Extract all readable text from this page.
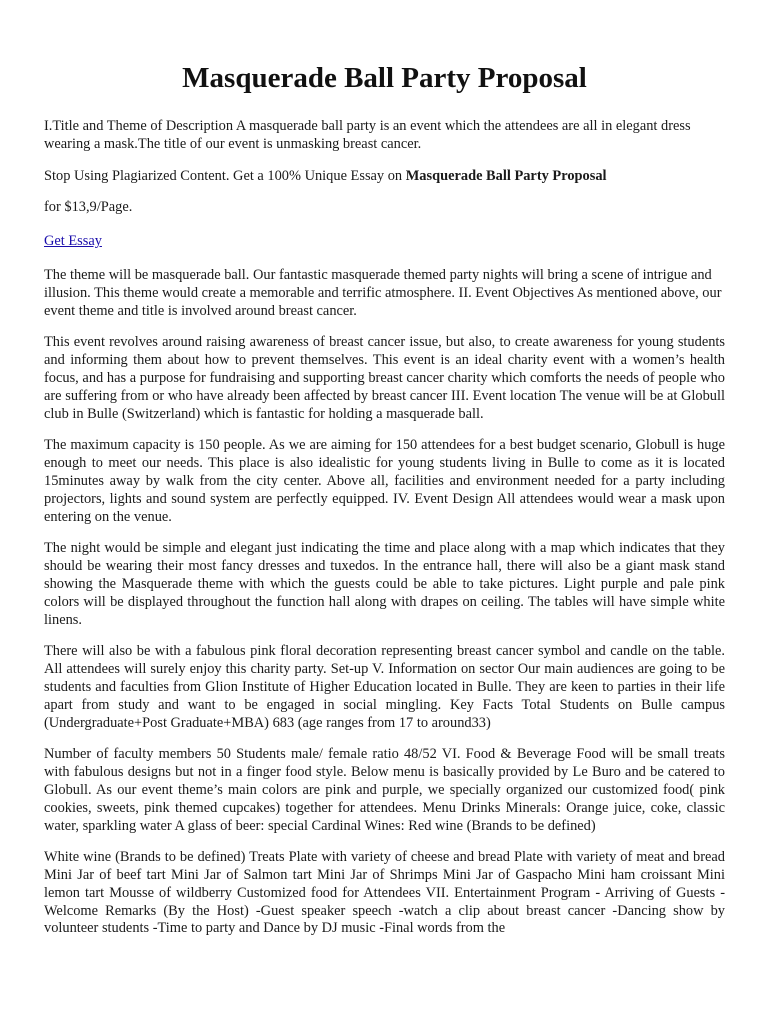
Masquerade Ball Party Proposal

I.Title and Theme of Description A masquerade ball party is an event which the attendees are all in elegant dress wearing a mask.The title of our event is unmasking breast cancer.

Stop Using Plagiarized Content. Get a 100% Unique Essay on Masquerade Ball Party Proposal

for $13,9/Page.

Get Essay

The theme will be masquerade ball. Our fantastic masquerade themed party nights will bring a scene of intrigue and illusion. This theme would create a memorable and terrific atmosphere. II. Event Objectives As mentioned above, our event theme and title is involved around breast cancer.

This event revolves around raising awareness of breast cancer issue, but also, to create awareness for young students and informing them about how to prevent themselves. This event is an ideal charity event with a women’s health focus, and has a purpose for fundraising and supporting breast cancer charity which comforts the needs of people who are suffering from or who have already been affected by breast cancer III. Event location The venue will be at Globull club in Bulle (Switzerland) which is fantastic for holding a masquerade ball.

The maximum capacity is 150 people. As we are aiming for 150 attendees for a best budget scenario, Globull is huge enough to meet our needs. This place is also idealistic for young students living in Bulle to come as it is located 15minutes away by walk from the city center. Above all, facilities and environment needed for a party including projectors, lights and sound system are perfectly equipped. IV. Event Design All attendees would wear a mask upon entering on the venue.

The night would be simple and elegant just indicating the time and place along with a map which indicates that they should be wearing their most fancy dresses and tuxedos. In the entrance hall, there will also be a giant mask stand showing the Masquerade theme with which the guests could be able to take pictures. Light purple and pale pink colors will be displayed throughout the function hall along with drapes on ceiling. The tables will have simple white linens.

There will also be with a fabulous pink floral decoration representing breast cancer symbol and candle on the table. All attendees will surely enjoy this charity party. Set-up V. Information on sector Our main audiences are going to be students and faculties from Glion Institute of Higher Education located in Bulle. They are keen to parties in their life apart from study and want to be engaged in social mingling. Key Facts Total Students on Bulle campus (Undergraduate+Post Graduate+MBA) 683 (age ranges from 17 to around33)

Number of faculty members 50 Students male/ female ratio 48/52 VI. Food & Beverage Food will be small treats with fabulous designs but not in a finger food style. Below menu is basically provided by Le Buro and be catered to Globull. As our event theme’s main colors are pink and purple, we specially organized our customized food( pink cookies, sweets, pink themed cupcakes) together for attendees. Menu Drinks Minerals: Orange juice, coke, classic water, sparkling water A glass of beer: special Cardinal Wines: Red wine (Brands to be defined)

White wine (Brands to be defined) Treats Plate with variety of cheese and bread Plate with variety of meat and bread Mini Jar of beef tart Mini Jar of Salmon tart Mini Jar of Shrimps Mini Jar of Gaspacho Mini ham croissant Mini lemon tart Mousse of wildberry Customized food for Attendees VII. Entertainment Program - Arriving of Guests -Welcome Remarks (By the Host) -Guest speaker speech -watch a clip about breast cancer -Dancing show by volunteer students -Time to party and Dance by DJ music -Final words from the
